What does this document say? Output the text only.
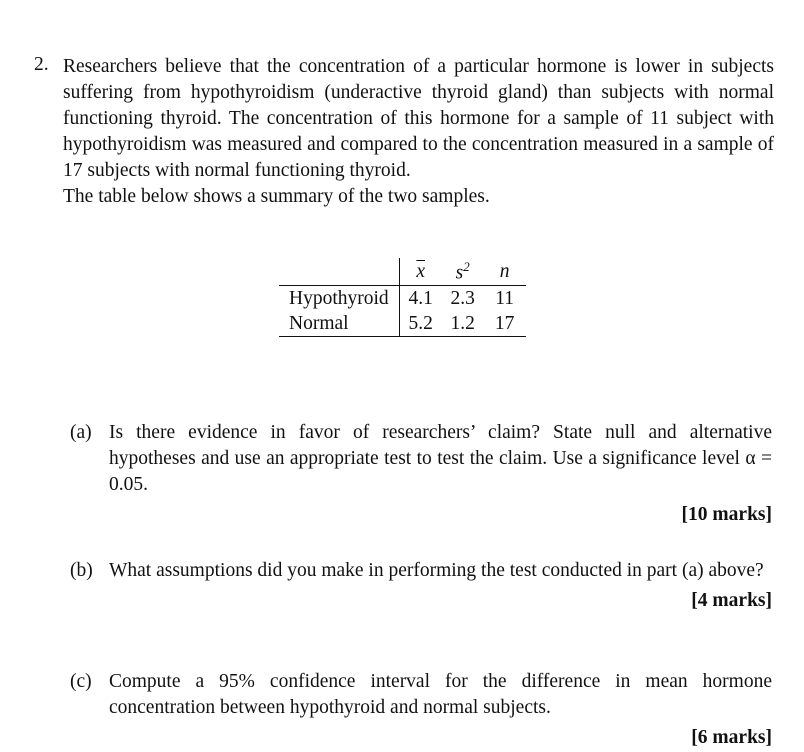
2. Researchers believe that the concentration of a particular hormone is lower in subjects suffering from hypothyroidism (underactive thyroid gland) than subjects with normal functioning thyroid. The concentration of this hormone for a sample of 11 subject with hypothyroidism was measured and compared to the concentration measured in a sample of 17 subjects with normal functioning thyroid.

The table below shows a summary of the two samples.

	$\overline{x}$	$s^2$	n
Hypothyroid	4.1	2.3	11
Normal	5.2	1.2	17
(a) Is there evidence in favor of researchers’ claim? State null and alternative hypotheses and use an appropriate test to test the claim. Use a significance level α = 0.05.
[10 marks]
(b) What assumptions did you make in performing the test conducted in part (a) above?
[4 marks]
(c) Compute a 95% confidence interval for the difference in mean hormone concentration between hypothyroid and normal subjects.
[6 marks]
